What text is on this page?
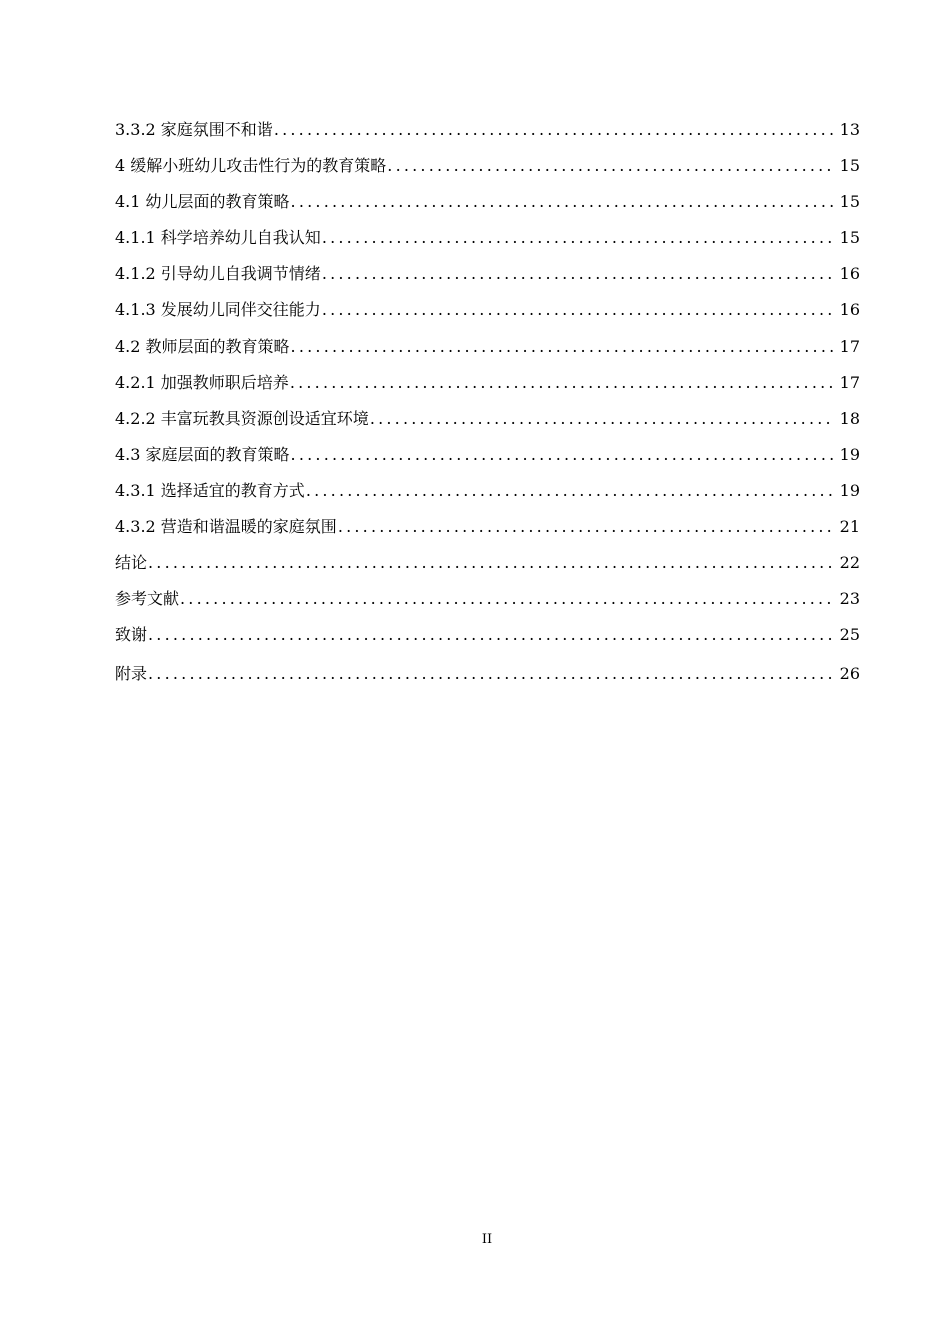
3.3.2 家庭氛围不和谐 .....	13
4 缓解小班幼儿攻击性行为的教育策略 .....	15
4.1 幼儿层面的教育策略 .....	15
4.1.1 科学培养幼儿自我认知 .....	15
4.1.2 引导幼儿自我调节情绪 .....	16
4.1.3 发展幼儿同伴交往能力 .....	16
4.2 教师层面的教育策略 .....	17
4.2.1 加强教师职后培养 .....	17
4.2.2 丰富玩教具资源创设适宜环境 .....	18
4.3 家庭层面的教育策略 .....	19
4.3.1 选择适宜的教育方式 .....	19
4.3.2 营造和谐温暖的家庭氛围 .....	21
结论 .....	22
参考文献 .....	23
致谢 .....	25
附录 .....	26
II
